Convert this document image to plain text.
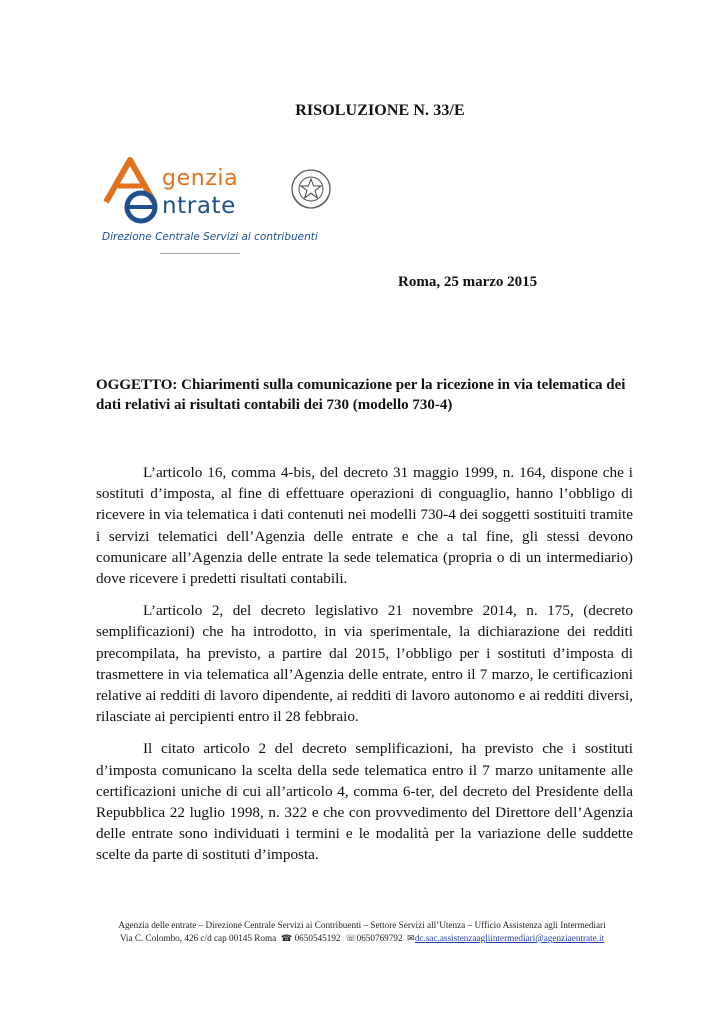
RISOLUZIONE N. 33/E
genzia
ntrate
Direzione Centrale Servizi ai contribuenti
Roma, 25 marzo 2015
OGGETTO: Chiarimenti sulla comunicazione per la ricezione in via telematica dei dati relativi ai risultati contabili dei 730 (modello 730-4)

L’articolo 16, comma 4-bis, del decreto 31 maggio 1999, n. 164, dispone che i sostituti d’imposta, al fine di effettuare operazioni di conguaglio, hanno l’obbligo di ricevere in via telematica i dati contenuti nei modelli 730-4 dei soggetti sostituiti tramite i servizi telematici dell’Agenzia delle entrate e che a tal fine, gli stessi devono comunicare all’Agenzia delle entrate la sede telematica (propria o di un intermediario) dove ricevere i predetti risultati contabili.

L’articolo 2, del decreto legislativo 21 novembre 2014, n. 175, (decreto semplificazioni) che ha introdotto, in via sperimentale, la dichiarazione dei redditi precompilata, ha previsto, a partire dal 2015, l’obbligo per i sostituti d’imposta di trasmettere in via telematica all’Agenzia delle entrate, entro il 7 marzo, le certificazioni relative ai redditi di lavoro dipendente, ai redditi di lavoro autonomo e ai redditi diversi, rilasciate ai percipienti entro il 28 febbraio.

Il citato articolo 2 del decreto semplificazioni, ha previsto che i sostituti d’imposta comunicano la scelta della sede telematica entro il 7 marzo unitamente alle certificazioni uniche di cui all’articolo 4, comma 6-ter, del decreto del Presidente della Repubblica 22 luglio 1998, n. 322 e che con provvedimento del Direttore dell’Agenzia delle entrate sono individuati i termini e le modalità per la variazione delle suddette scelte da parte di sostituti d’imposta.

Agenzia delle entrate – Direzione Centrale Servizi ai Contribuenti – Settore Servizi all’Utenza – Ufficio Assistenza agli Intermediari
Via C. Colombo, 426 c/d cap 00145 Roma ☎ 0650545192 ☏0650769792 ✉dc.sac.assistenzaagliintermediari@agenziaentrate.it
